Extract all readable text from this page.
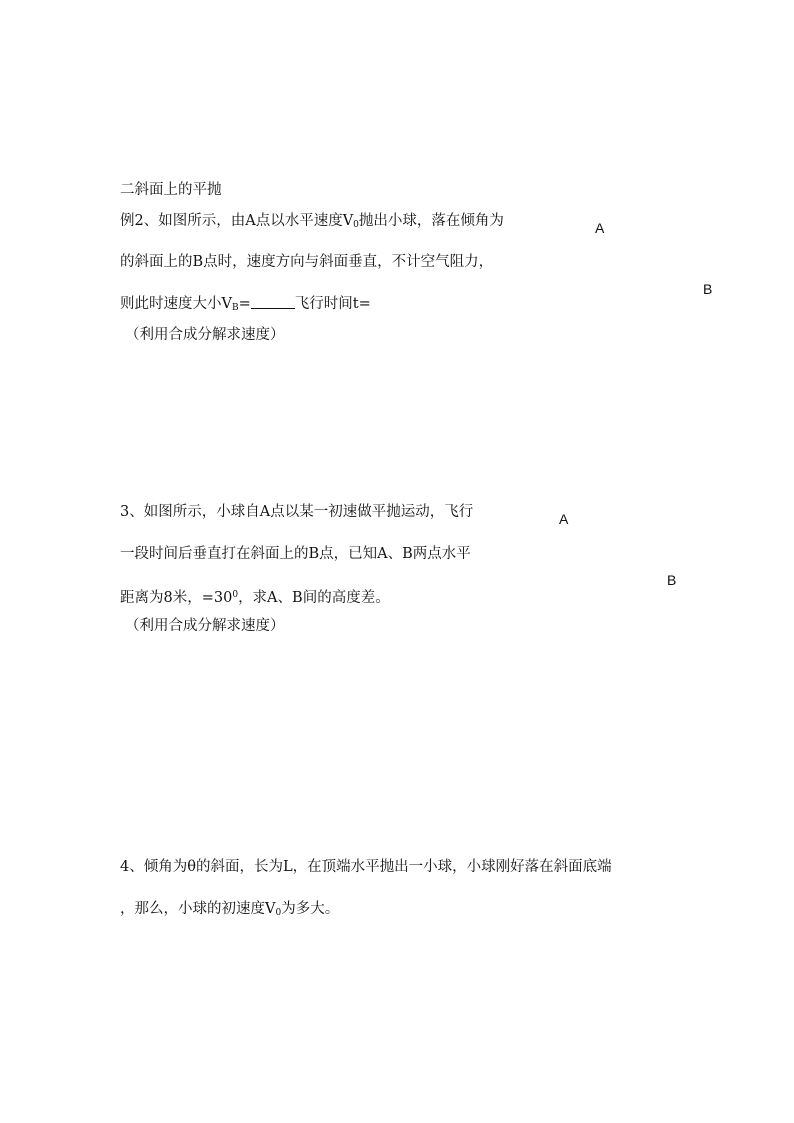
二斜面上的平抛
例2、如图所示，由A点以水平速度$V_0$抛出小球，落在倾角为
的斜面上的B点时，速度方向与斜面垂直，不计空气阻力，
则此时速度大小$V_B=$	飞行时间t=
（利用合成分解求速度）
A
B
3、如图所示，小球自A点以某一初速做平抛运动，飞行
一段时间后垂直打在斜面上的B点，已知A、B两点水平
距离为8米，$=30^0$，求A、B间的高度差。
（利用合成分解求速度）
A
B
4、倾角为θ的斜面，长为L，在顶端水平抛出一小球，小球刚好落在斜面底端
，那么，小球的初速度$V_0$为多大。
